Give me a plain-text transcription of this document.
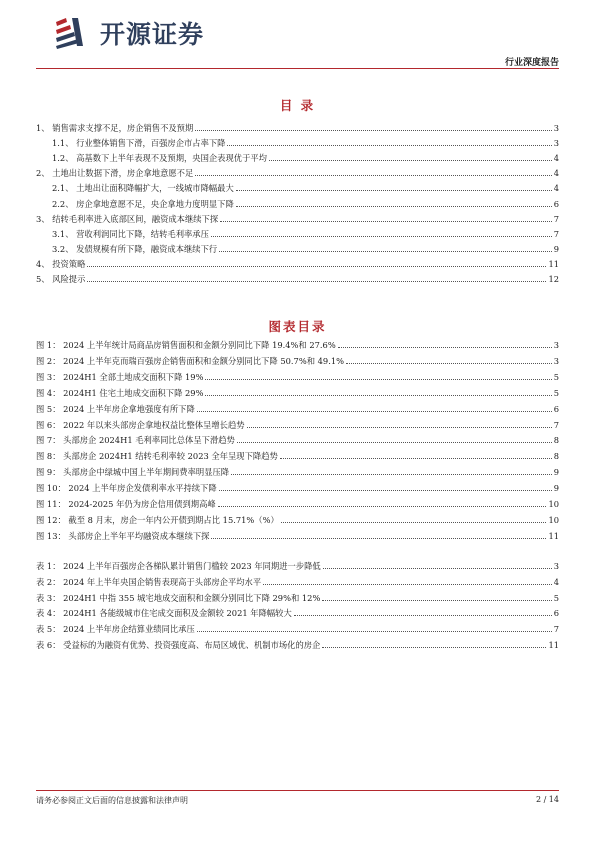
开源证券
行业深度报告
目 录
1、 销售需求支撑不足，房企销售不及预期	3
1.1、 行业整体销售下滑，百强房企市占率下降	3
1.2、 高基数下上半年表现不及预期，央国企表现优于平均	4
2、 土地出让数据下滑，房企拿地意愿不足	4
2.1、 土地出让面积降幅扩大，一线城市降幅最大	4
2.2、 房企拿地意愿不足，央企拿地力度明显下降	6
3、 结转毛利率进入底部区间，融资成本继续下探	7
3.1、 营收利润同比下降，结转毛利率承压	7
3.2、 发债规模有所下降，融资成本继续下行	9
4、 投资策略	11
5、 风险提示	12
图表目录
图 1： 2024 上半年统计局商品房销售面积和金额分别同比下降 19.4%和 27.6%	3
图 2： 2024 上半年克而瑞百强房企销售面积和金额分别同比下降 50.7%和 49.1%	3
图 3： 2024H1 全部土地成交面积下降 19%	5
图 4： 2024H1 住宅土地成交面积下降 29%	5
图 5： 2024 上半年房企拿地强度有所下降	6
图 6： 2022 年以来头部房企拿地权益比整体呈增长趋势	7
图 7： 头部房企 2024H1 毛利率同比总体呈下滑趋势	8
图 8： 头部房企 2024H1 结转毛利率较 2023 全年呈现下降趋势	8
图 9： 头部房企中绿城中国上半年期间费率明显压降	9
图 10： 2024 上半年房企发债利率水平持续下降	9
图 11： 2024-2025 年仍为房企信用债到期高峰	10
图 12： 截至 8 月末，房企一年内公开债到期占比 15.71%（%）	10
图 13： 头部房企上半年平均融资成本继续下探	11
表 1： 2024 上半年百强房企各梯队累计销售门槛较 2023 年同期进一步降低	3
表 2： 2024 年上半年央国企销售表现高于头部房企平均水平	4
表 3： 2024H1 中指 355 城宅地成交面积和金额分别同比下降 29%和 12%	5
表 4： 2024H1 各能级城市住宅成交面积及金额较 2021 年降幅较大	6
表 5： 2024 上半年房企结算业绩同比承压	7
表 6： 受益标的为融资有优势、投资强度高、布局区域优、机制市场化的房企	11
请务必参阅正文后面的信息披露和法律声明	2 / 14
